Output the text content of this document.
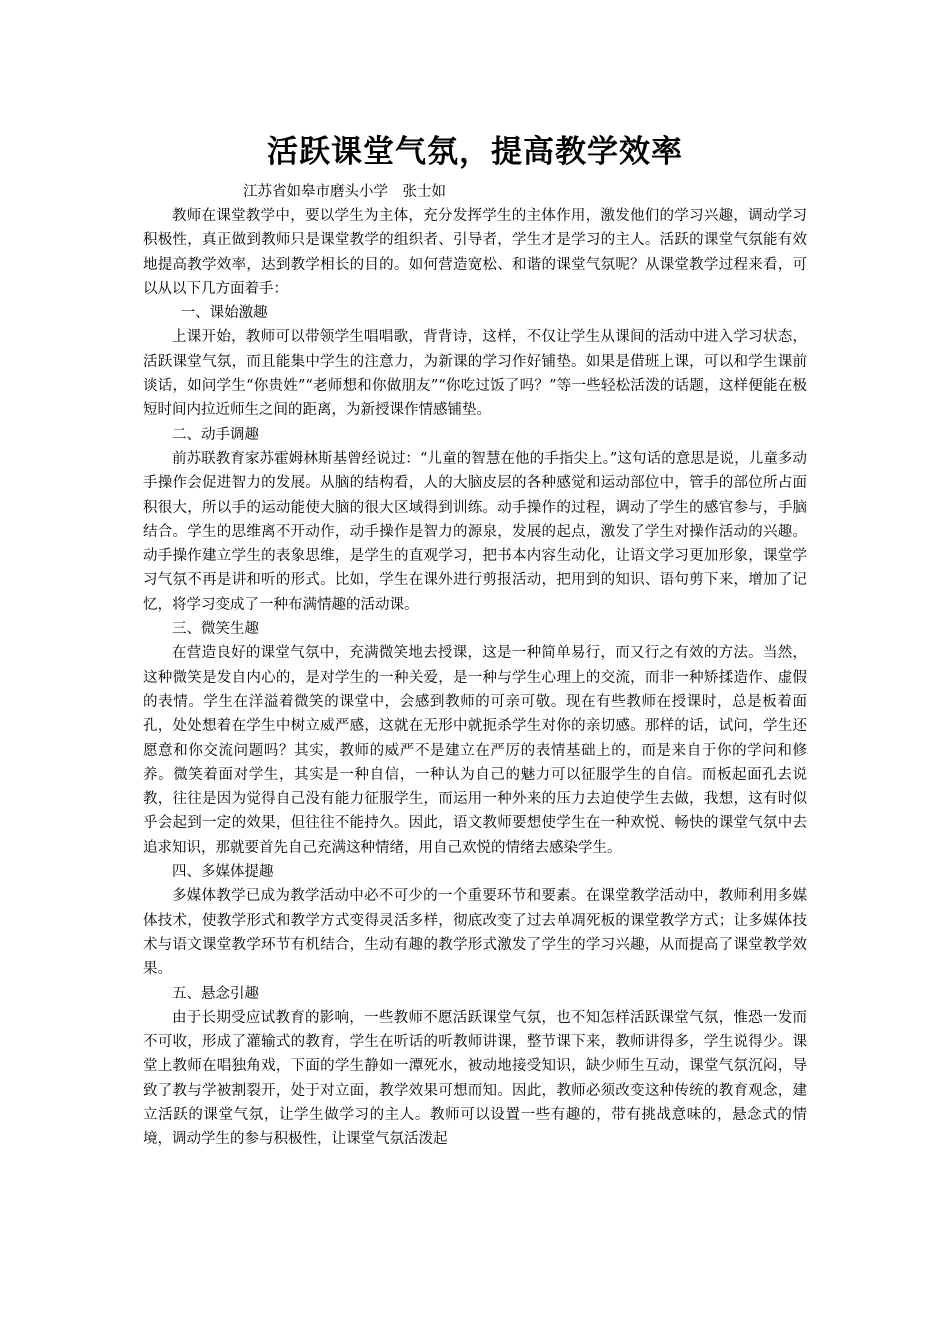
活跃课堂气氛，提高教学效率
江苏省如皋市磨头小学　张士如

教师在课堂教学中，要以学生为主体，充分发挥学生的主体作用，激发他们的学习兴趣，调动学习积极性，真正做到教师只是课堂教学的组织者、引导者，学生才是学习的主人。活跃的课堂气氛能有效地提高教学效率，达到教学相长的目的。如何营造宽松、和谐的课堂气氛呢？从课堂教学过程来看，可以从以下几方面着手：

一、课始激趣

上课开始，教师可以带领学生唱唱歌，背背诗，这样，不仅让学生从课间的活动中进入学习状态，活跃课堂气氛，而且能集中学生的注意力，为新课的学习作好铺垫。如果是借班上课，可以和学生课前谈话，如问学生“你贵姓”“老师想和你做朋友”“你吃过饭了吗？”等一些轻松活泼的话题，这样便能在极短时间内拉近师生之间的距离，为新授课作情感铺垫。

二、动手调趣

前苏联教育家苏霍姆林斯基曾经说过：“儿童的智慧在他的手指尖上。”这句话的意思是说，儿童多动手操作会促进智力的发展。从脑的结构看，人的大脑皮层的各种感觉和运动部位中，管手的部位所占面积很大，所以手的运动能使大脑的很大区域得到训练。动手操作的过程，调动了学生的感官参与，手脑结合。学生的思维离不开动作，动手操作是智力的源泉，发展的起点，激发了学生对操作活动的兴趣。动手操作建立学生的表象思维，是学生的直观学习，把书本内容生动化，让语文学习更加形象，课堂学习气氛不再是讲和听的形式。比如，学生在课外进行剪报活动，把用到的知识、语句剪下来，增加了记忆，将学习变成了一种布满情趣的活动课。

三、微笑生趣

在营造良好的课堂气氛中，充满微笑地去授课，这是一种简单易行，而又行之有效的方法。当然，这种微笑是发自内心的，是对学生的一种关爱，是一种与学生心理上的交流，而非一种矫揉造作、虚假的表情。学生在洋溢着微笑的课堂中，会感到教师的可亲可敬。现在有些教师在授课时，总是板着面孔，处处想着在学生中树立威严感，这就在无形中就扼杀学生对你的亲切感。那样的话，试问，学生还愿意和你交流问题吗？其实，教师的威严不是建立在严厉的表情基础上的，而是来自于你的学问和修养。微笑着面对学生，其实是一种自信，一种认为自己的魅力可以征服学生的自信。而板起面孔去说教，往往是因为觉得自己没有能力征服学生，而运用一种外来的压力去迫使学生去做，我想，这有时似乎会起到一定的效果，但往往不能持久。因此，语文教师要想使学生在一种欢悦、畅快的课堂气氛中去追求知识，那就要首先自己充满这种情绪，用自己欢悦的情绪去感染学生。

四、多媒体提趣

多媒体教学已成为教学活动中必不可少的一个重要环节和要素。在课堂教学活动中，教师利用多媒体技术，使教学形式和教学方式变得灵活多样，彻底改变了过去单凋死板的课堂教学方式；让多媒体技术与语文课堂教学环节有机结合，生动有趣的教学形式激发了学生的学习兴趣，从而提高了课堂教学效果。

五、悬念引趣

由于长期受应试教育的影响，一些教师不愿活跃课堂气氛，也不知怎样活跃课堂气氛，惟恐一发而不可收，形成了灌输式的教育，学生在听话的听教师讲课，整节课下来，教师讲得多，学生说得少。课堂上教师在唱独角戏，下面的学生静如一潭死水，被动地接受知识，缺少师生互动，课堂气氛沉闷，导致了教与学被割裂开，处于对立面，教学效果可想而知。因此，教师必须改变这种传统的教育观念，建立活跃的课堂气氛，让学生做学习的主人。教师可以设置一些有趣的，带有挑战意味的，悬念式的情境，调动学生的参与积极性，让课堂气氛活泼起
